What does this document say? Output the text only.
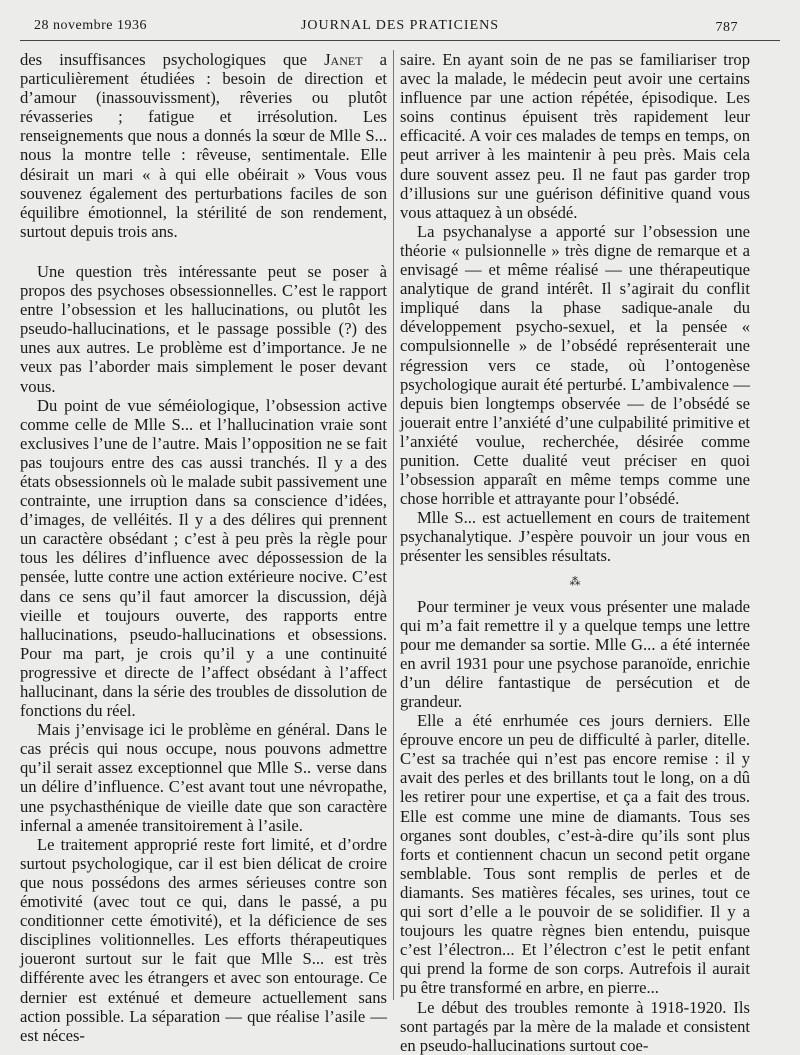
28 novembre 1936	JOURNAL DES PRATICIENS	787

des insuffisances psychologiques que Janet a particulièrement étudiées : besoin de direction et d’amour (inassouvissment), rêveries ou plutôt révasseries ; fatigue et irrésolution. Les renseignements que nous a donnés la sœur de Mlle S... nous la montre telle : rêveuse, sentimentale. Elle désirait un mari « à qui elle obéirait » Vous vous souvenez également des perturbations faciles de son équilibre émotionnel, la stérilité de son rendement, surtout depuis trois ans.

Une question très intéressante peut se poser à propos des psychoses obsessionnelles. C’est le rapport entre l’obsession et les hallucinations, ou plutôt les pseudo-hallucinations, et le passage possible (?) des unes aux autres. Le problème est d’importance. Je ne veux pas l’aborder mais simplement le poser devant vous.

Du point de vue séméiologique, l’obsession active comme celle de Mlle S... et l’hallucination vraie sont exclusives l’une de l’autre. Mais l’opposition ne se fait pas toujours entre des cas aussi tranchés. Il y a des états obsessionnels où le malade subit passivement une contrainte, une irruption dans sa conscience d’idées, d’images, de velléités. Il y a des délires qui prennent un caractère obsédant ; c’est à peu près la règle pour tous les délires d’influence avec dépossession de la pensée, lutte contre une action extérieure nocive. C’est dans ce sens qu’il faut amorcer la discussion, déjà vieille et toujours ouverte, des rapports entre hallucinations, pseudo-hallucinations et obsessions. Pour ma part, je crois qu’il y a une continuité progressive et directe de l’affect obsédant à l’affect hallucinant, dans la série des troubles de dissolution de fonctions du réel.

Mais j’envisage ici le problème en général. Dans le cas précis qui nous occupe, nous pouvons admettre qu’il serait assez exceptionnel que Mlle S.. verse dans un délire d’influence. C’est avant tout une névropathe, une psychasthénique de vieille date que son caractère infernal a amenée transitoirement à l’asile.

Le traitement approprié reste fort limité, et d’ordre surtout psychologique, car il est bien délicat de croire que nous possédons des armes sérieuses contre son émotivité (avec tout ce qui, dans le passé, a pu conditionner cette émotivité), et la déficience de ses disciplines volitionnelles. Les efforts thérapeutiques joueront surtout sur le fait que Mlle S... est très différente avec les étrangers et avec son entourage. Ce dernier est exténué et demeure actuellement sans action possible. La séparation — que réalise l’asile — est néces-

saire. En ayant soin de ne pas se familiariser trop avec la malade, le médecin peut avoir une certains influence par une action répétée, épisodique. Les soins continus épuisent très rapidement leur efficacité. A voir ces malades de temps en temps, on peut arriver à les maintenir à peu près. Mais cela dure souvent assez peu. Il ne faut pas garder trop d’illusions sur une guérison définitive quand vous vous attaquez à un obsédé.

La psychanalyse a apporté sur l’obsession une théorie « pulsionnelle » très digne de remarque et a envisagé — et même réalisé — une thérapeutique analytique de grand intérêt. Il s’agirait du conflit impliqué dans la phase sadique-anale du développement psycho-sexuel, et la pensée « compulsionnelle » de l’obsédé représenterait une régression vers ce stade, où l’ontogenèse psychologique aurait été perturbé. L’ambivalence — depuis bien longtemps observée — de l’obsédé se jouerait entre l’anxiété d’une culpabilité primitive et l’anxiété voulue, recherchée, désirée comme punition. Cette dualité veut préciser en quoi l’obsession apparaît en même temps comme une chose horrible et attrayante pour l’obsédé.

Mlle S... est actuellement en cours de traitement psychanalytique. J’espère pouvoir un jour vous en présenter les sensibles résultats.

⁂

Pour terminer je veux vous présenter une malade qui m’a fait remettre il y a quelque temps une lettre pour me demander sa sortie. Mlle G... a été internée en avril 1931 pour une psychose paranoïde, enrichie d’un délire fantastique de persécution et de grandeur.

Elle a été enrhumée ces jours derniers. Elle éprouve encore un peu de difficulté à parler, ditelle. C’est sa trachée qui n’est pas encore remise : il y avait des perles et des brillants tout le long, on a dû les retirer pour une expertise, et ça a fait des trous. Elle est comme une mine de diamants. Tous ses organes sont doubles, c’est-à-dire qu’ils sont plus forts et contiennent chacun un second petit organe semblable. Tous sont remplis de perles et de diamants. Ses matières fécales, ses urines, tout ce qui sort d’elle a le pouvoir de se solidifier. Il y a toujours les quatre règnes bien entendu, puisque c’est l’électron... Et l’électron c’est le petit enfant qui prend la forme de son corps. Autrefois il aurait pu être transformé en arbre, en pierre...

Le début des troubles remonte à 1918-1920. Ils sont partagés par la mère de la malade et consistent en pseudo-hallucinations surtout coe-
